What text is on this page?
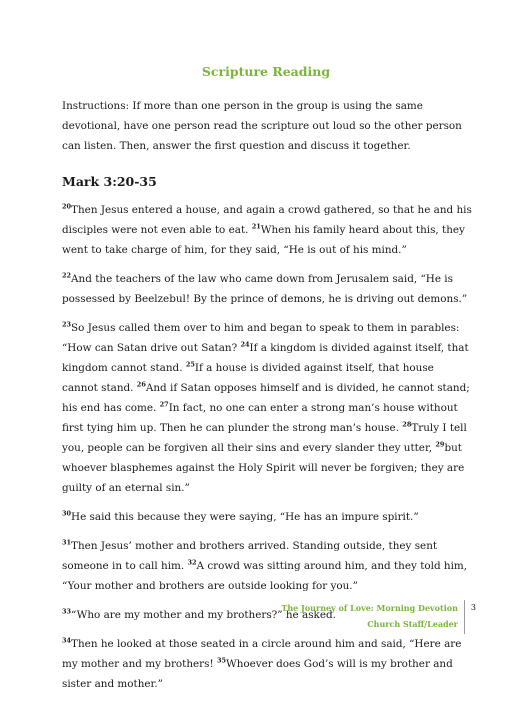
Scripture Reading

Instructions: If more than one person in the group is using the same devotional, have one person read the scripture out loud so the other person can listen. Then, answer the first question and discuss it together.

Mark 3:20-35

$^{20}$Then Jesus entered a house, and again a crowd gathered, so that he and his disciples were not even able to eat. $^{21}$When his family heard about this, they went to take charge of him, for they said, “He is out of his mind.”

$^{22}$And the teachers of the law who came down from Jerusalem said, “He is possessed by Beelzebul! By the prince of demons, he is driving out demons.”

$^{23}$So Jesus called them over to him and began to speak to them in parables: “How can Satan drive out Satan? $^{24}$If a kingdom is divided against itself, that kingdom cannot stand. $^{25}$If a house is divided against itself, that house cannot stand. $^{26}$And if Satan opposes himself and is divided, he cannot stand; his end has come. $^{27}$In fact, no one can enter a strong man’s house without first tying him up. Then he can plunder the strong man’s house. $^{28}$Truly I tell you, people can be forgiven all their sins and every slander they utter, $^{29}$but whoever blasphemes against the Holy Spirit will never be forgiven; they are guilty of an eternal sin.”

$^{30}$He said this because they were saying, “He has an impure spirit.”

$^{31}$Then Jesus’ mother and brothers arrived. Standing outside, they sent someone in to call him. $^{32}$A crowd was sitting around him, and they told him, “Your mother and brothers are outside looking for you.”

$^{33}$“Who are my mother and my brothers?” he asked.

$^{34}$Then he looked at those seated in a circle around him and said, “Here are my mother and my brothers! $^{35}$Whoever does God’s will is my brother and sister and mother.”

The Journey of Love: Morning Devotion
Church Staff/Leader
3
